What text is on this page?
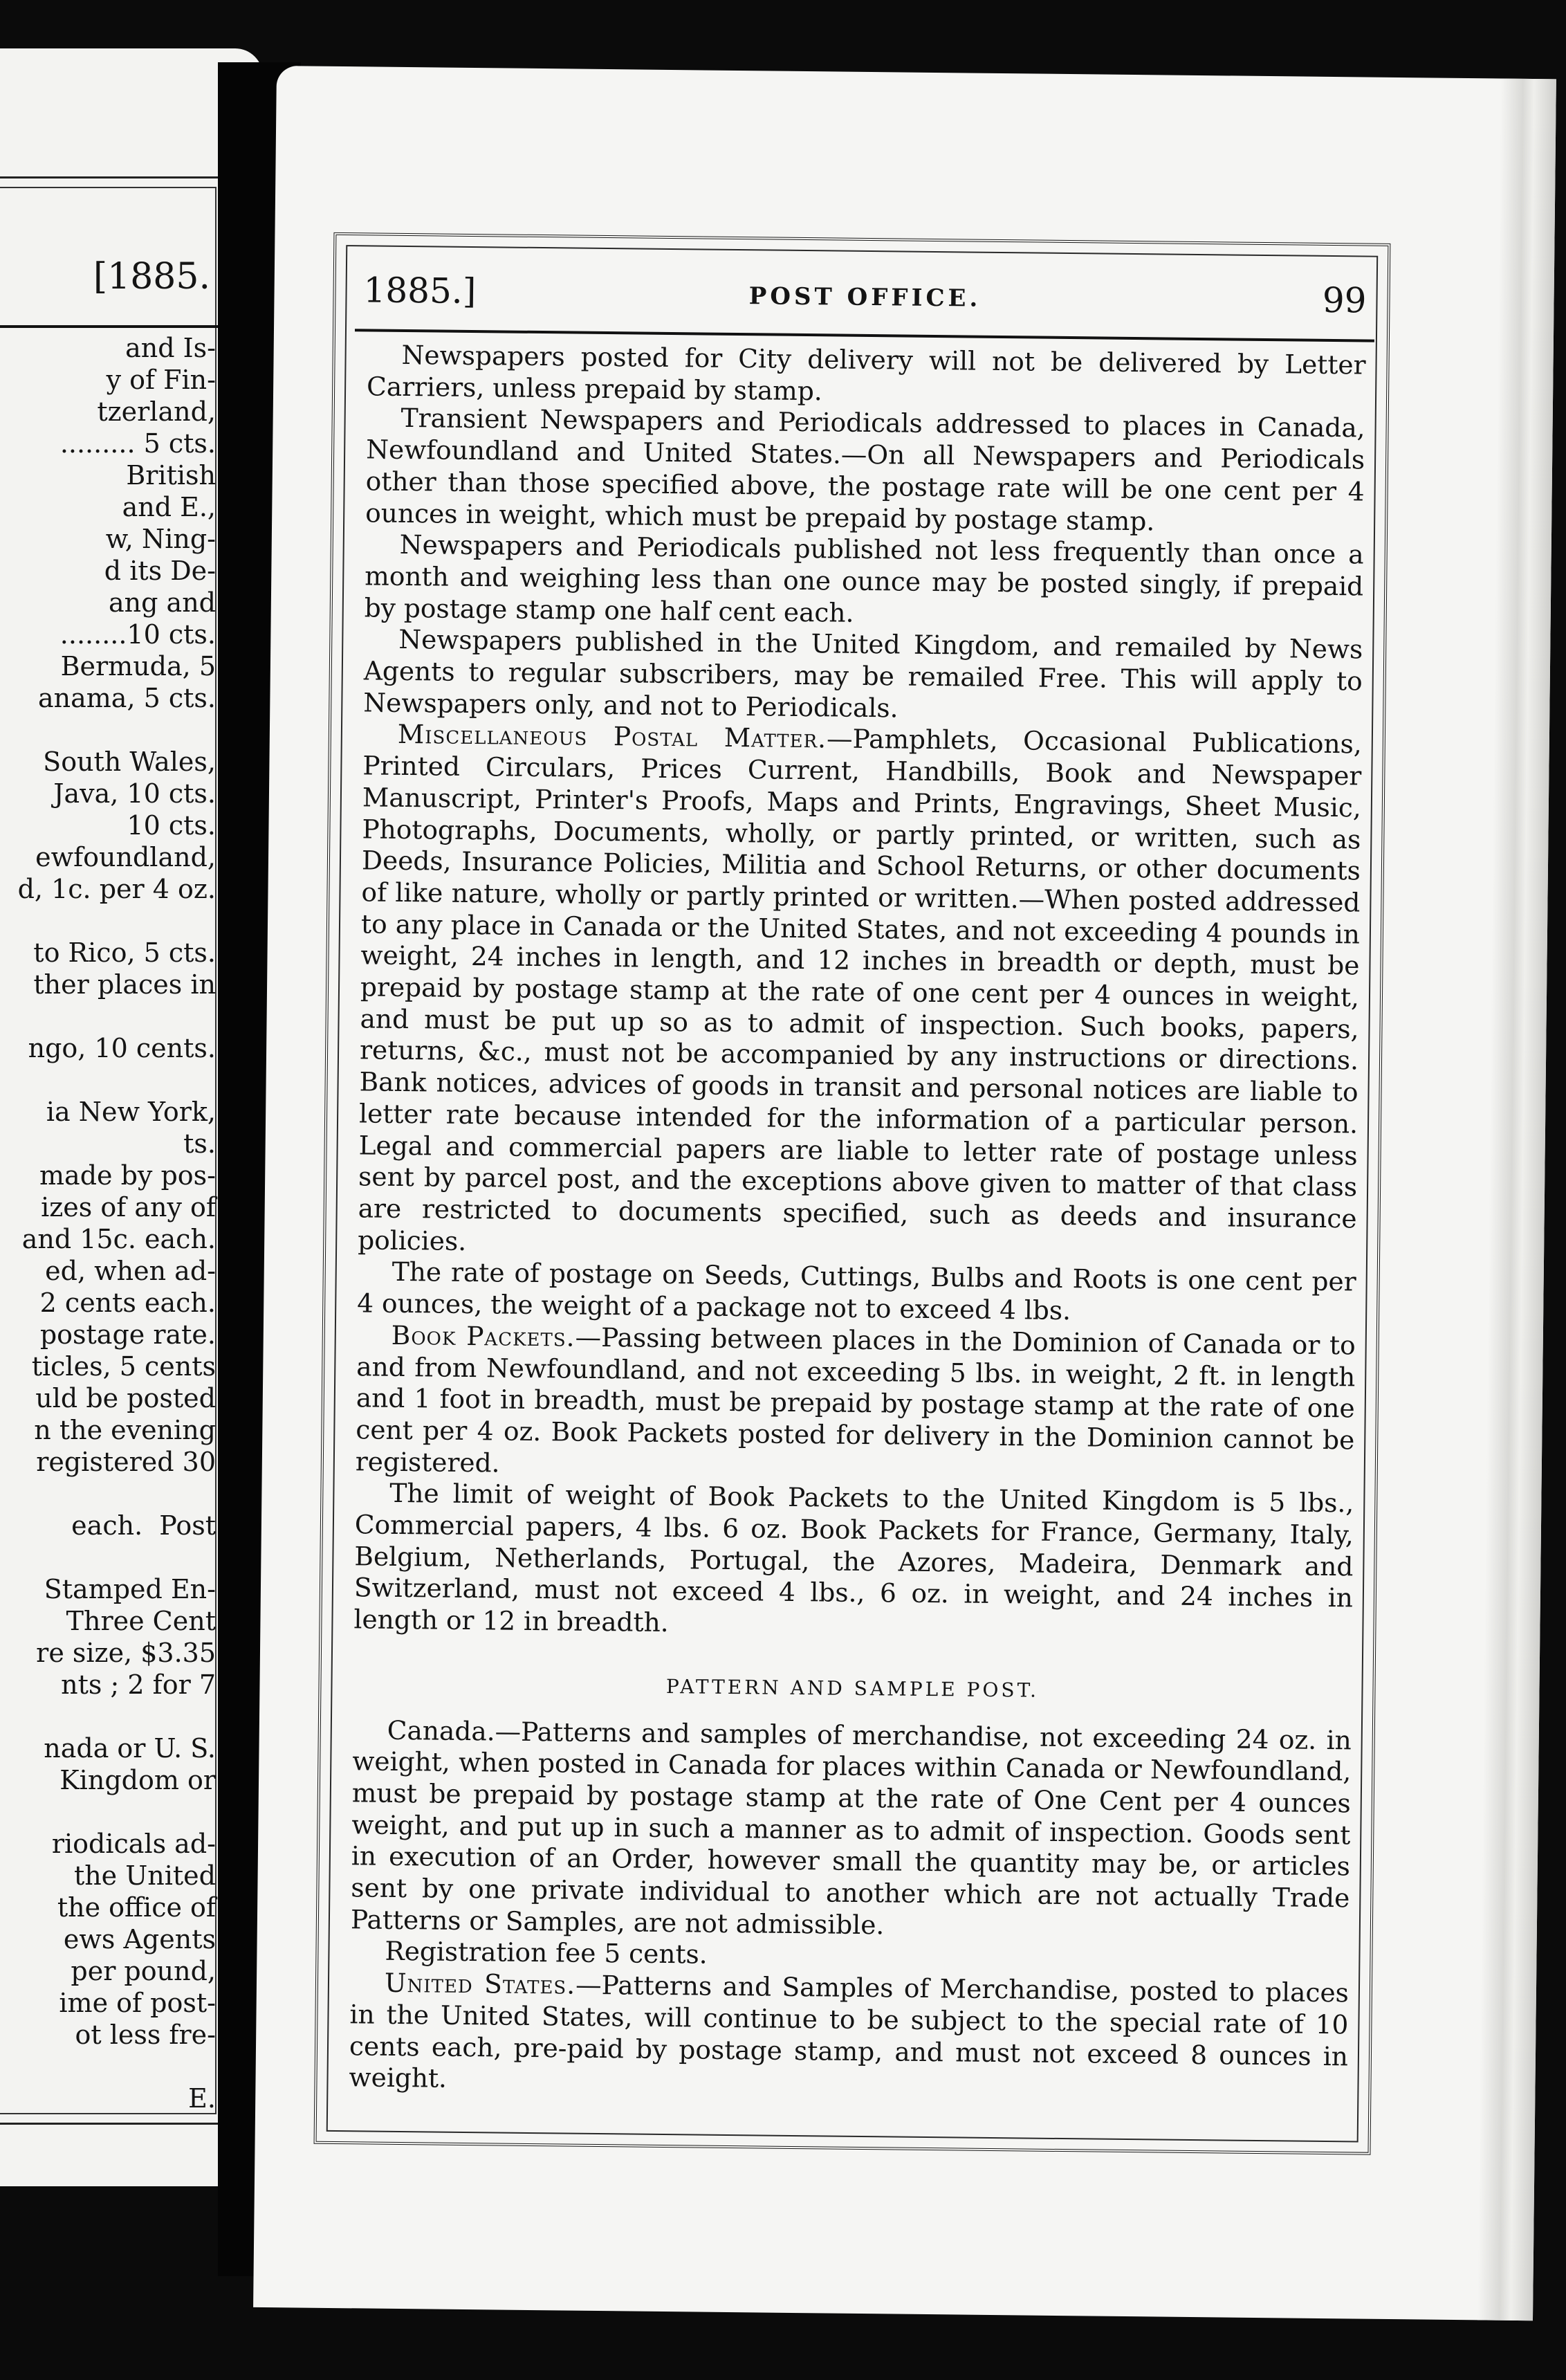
[1885.
and Is-
y of Fin-
tzerland,
......... 5 cts.
British
and E.,
w, Ning-
d its De-
ang and
........10 cts.
Bermuda, 5
anama, 5 cts.

South Wales,
Java, 10 cts.
10 cts.
ewfoundland,
d, 1c. per 4 oz.

to Rico, 5 cts.
ther places in

ngo, 10 cents.

ia New York,
ts.
made by pos-
izes of any of
and 15c. each.
ed, when ad-
2 cents each.
postage rate.
ticles, 5 cents
uld be posted
n the evening
registered 30

each.  Post

Stamped En-
Three Cent
re size, $3.35
nts ; 2 for 7

nada or U. S.
Kingdom or

riodicals ad-
the United
the office of
ews Agents
per pound,
ime of post-
ot less fre-

E.
1885.]	POST OFFICE.	99

Newspapers posted for City delivery will not be delivered by Letter Carriers, unless prepaid by stamp.

Transient Newspapers and Periodicals addressed to places in Canada, Newfoundland and United States.—On all Newspapers and Periodicals other than those specified above, the postage rate will be one cent per 4 ounces in weight, which must be prepaid by postage stamp.

Newspapers and Periodicals published not less frequently than once a month and weighing less than one ounce may be posted singly, if prepaid by postage stamp one half cent each.

Newspapers published in the United Kingdom, and remailed by News Agents to regular subscribers, may be remailed Free. This will apply to Newspapers only, and not to Periodicals.

Miscellaneous Postal Matter.—Pamphlets, Occasional Publications, Printed Circulars, Prices Current, Handbills, Book and Newspaper Manuscript, Printer's Proofs, Maps and Prints, Engravings, Sheet Music, Photographs, Documents, wholly, or partly printed, or written, such as Deeds, Insurance Policies, Militia and School Returns, or other documents of like nature, wholly or partly printed or written.—When posted addressed to any place in Canada or the United States, and not exceeding 4 pounds in weight, 24 inches in length, and 12 inches in breadth or depth, must be prepaid by postage stamp at the rate of one cent per 4 ounces in weight, and must be put up so as to admit of inspection. Such books, papers, returns, &c., must not be accompanied by any instructions or directions. Bank notices, advices of goods in transit and personal notices are liable to letter rate because intended for the information of a particular person. Legal and commercial papers are liable to letter rate of postage unless sent by parcel post, and the exceptions above given to matter of that class are restricted to documents specified, such as deeds and insurance policies.

The rate of postage on Seeds, Cuttings, Bulbs and Roots is one cent per 4 ounces, the weight of a package not to exceed 4 lbs.

Book Packets.—Passing between places in the Dominion of Canada or to and from Newfoundland, and not exceeding 5 lbs. in weight, 2 ft. in length and 1 foot in breadth, must be prepaid by postage stamp at the rate of one cent per 4 oz. Book Packets posted for delivery in the Dominion cannot be registered.

The limit of weight of Book Packets to the United Kingdom is 5 lbs., Commercial papers, 4 lbs. 6 oz. Book Packets for France, Germany, Italy, Belgium, Netherlands, Portugal, the Azores, Madeira, Denmark and Switzerland, must not exceed 4 lbs., 6 oz. in weight, and 24 inches in length or 12 in breadth.

PATTERN AND SAMPLE POST.

Canada.—Patterns and samples of merchandise, not exceeding 24 oz. in weight, when posted in Canada for places within Canada or Newfoundland, must be prepaid by postage stamp at the rate of One Cent per 4 ounces weight, and put up in such a manner as to admit of inspection. Goods sent in execution of an Order, however small the quantity may be, or articles sent by one private individual to another which are not actually Trade Patterns or Samples, are not admissible.

Registration fee 5 cents.

United States.—Patterns and Samples of Merchandise, posted to places in the United States, will continue to be subject to the special rate of 10 cents each, pre-paid by postage stamp, and must not exceed 8 ounces in weight.
